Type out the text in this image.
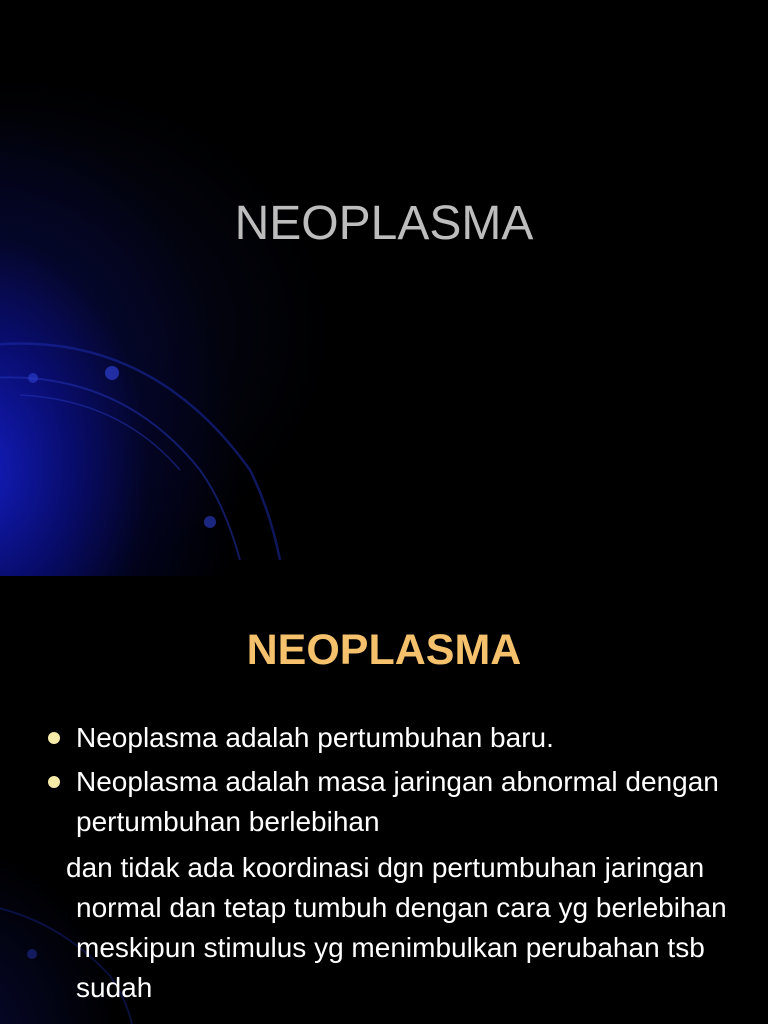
NEOPLASMA
NEOPLASMA
Neoplasma adalah pertumbuhan baru.
Neoplasma adalah masa jaringan abnormal dengan pertumbuhan berlebihan
dan tidak ada koordinasi dgn pertumbuhan jaringan normal dan tetap tumbuh dengan cara yg berlebihan meskipun stimulus yg menimbulkan perubahan tsb sudah
